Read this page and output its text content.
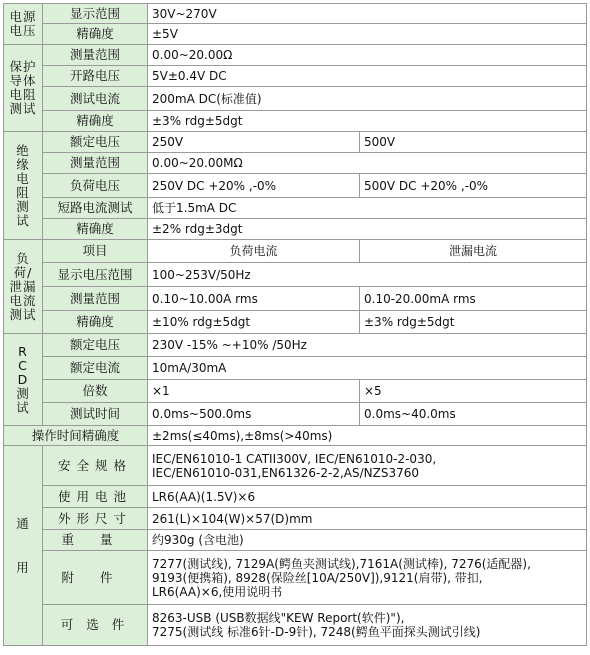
电源电压	显示范围	30V~270V	
	精确度	±5V	
保护导体电阻测试	测量范围	0.00~20.00Ω	
	开路电压	5V±0.4V DC	
	测试电流	200mA DC(标准值)	
	精确度	±3% rdg±5dgt	
绝缘电阻测试	额定电压	250V	500V
	测量范围	0.00~20.00MΩ	
	负荷电压	250V DC +20% ,-0%	500V DC +20% ,-0%
	短路电流测试	低于1.5mA DC	
	精确度	±2% rdg±3dgt	
负荷/泄漏电流测试	项目	负荷电流	泄漏电流
	显示电压范围	100~253V/50Hz	
	测量范围	0.10~10.00A rms	0.10-20.00mA rms
	精确度	±10% rdg±5dgt	±3% rdg±5dgt
RCD测试	额定电压	230V -15% ~+10% /50Hz	
	额定电流	10mA/30mA	
	倍数	×1	×5
	测试时间	0.0ms~500.0ms	0.0ms~40.0ms
操作时间精确度		±2ms(≤40ms),±8ms(>40ms)	
通用	安全规格	IEC/EN61010-1 CATII300V, IEC/EN61010-2-030,
IEC/EN61010-031,EN61326-2-2,AS/NZS3760	

	使用电池	LR6(AA)(1.5V)×6	
	外形尺寸	261(L)×104(W)×57(D)mm	
	重量	约930g (含电池)	
	附件	7277(测试线), 7129A(鳄鱼夹测试线),7161A(测试棒), 7276(适配器),
9193(便携箱), 8928(保险丝[10A/250V]),9121(肩带), 带扣,
LR6(AA)×6,使用说明书	

	可选件	8263-USB (USB数据线"KEW Report(软件)"),
7275(测试线 标准6针-D-9针), 7248(鳄鱼平面探头测试引线)	
